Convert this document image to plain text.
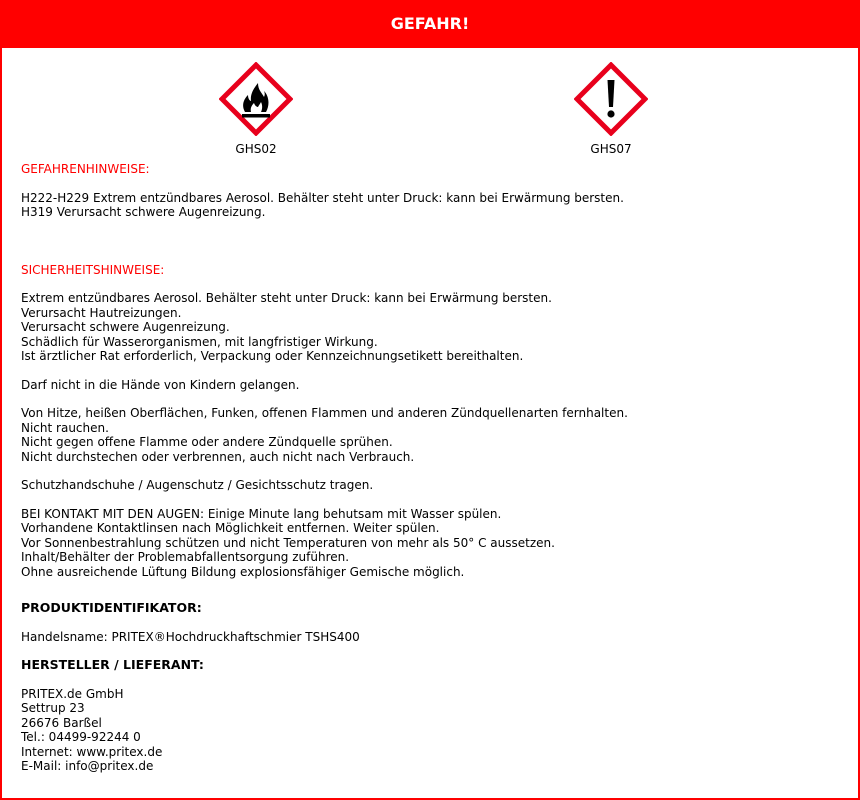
GEFAHR!
GHS02	GHS07
GEFAHRENHINWEISE:
H222-H229 Extrem entzündbares Aerosol. Behälter steht unter Druck: kann bei Erwärmung bersten.
H319 Verursacht schwere Augenreizung.
SICHERHEITSHINWEISE:
Extrem entzündbares Aerosol. Behälter steht unter Druck: kann bei Erwärmung bersten.
Verursacht Hautreizungen.
Verursacht schwere Augenreizung.
Schädlich für Wasserorganismen, mit langfristiger Wirkung.
Ist ärztlicher Rat erforderlich, Verpackung oder Kennzeichnungsetikett bereithalten.
Darf nicht in die Hände von Kindern gelangen.
Von Hitze, heißen Oberflächen, Funken, offenen Flammen und anderen Zündquellenarten fernhalten.
Nicht rauchen.
Nicht gegen offene Flamme oder andere Zündquelle sprühen.
Nicht durchstechen oder verbrennen, auch nicht nach Verbrauch.
Schutzhandschuhe / Augenschutz / Gesichtsschutz tragen.
BEI KONTAKT MIT DEN AUGEN: Einige Minute lang behutsam mit Wasser spülen.
Vorhandene Kontaktlinsen nach Möglichkeit entfernen. Weiter spülen.
Vor Sonnenbestrahlung schützen und nicht Temperaturen von mehr als 50° C aussetzen.
Inhalt/Behälter der Problemabfallentsorgung zuführen.
Ohne ausreichende Lüftung Bildung explosionsfähiger Gemische möglich.
PRODUKTIDENTIFIKATOR:
Handelsname: PRITEX®Hochdruckhaftschmier TSHS400
HERSTELLER / LIEFERANT:
PRITEX.de GmbH
Settrup 23
26676 Barßel
Tel.: 04499-92244 0
Internet: www.pritex.de
E-Mail: info@pritex.de
